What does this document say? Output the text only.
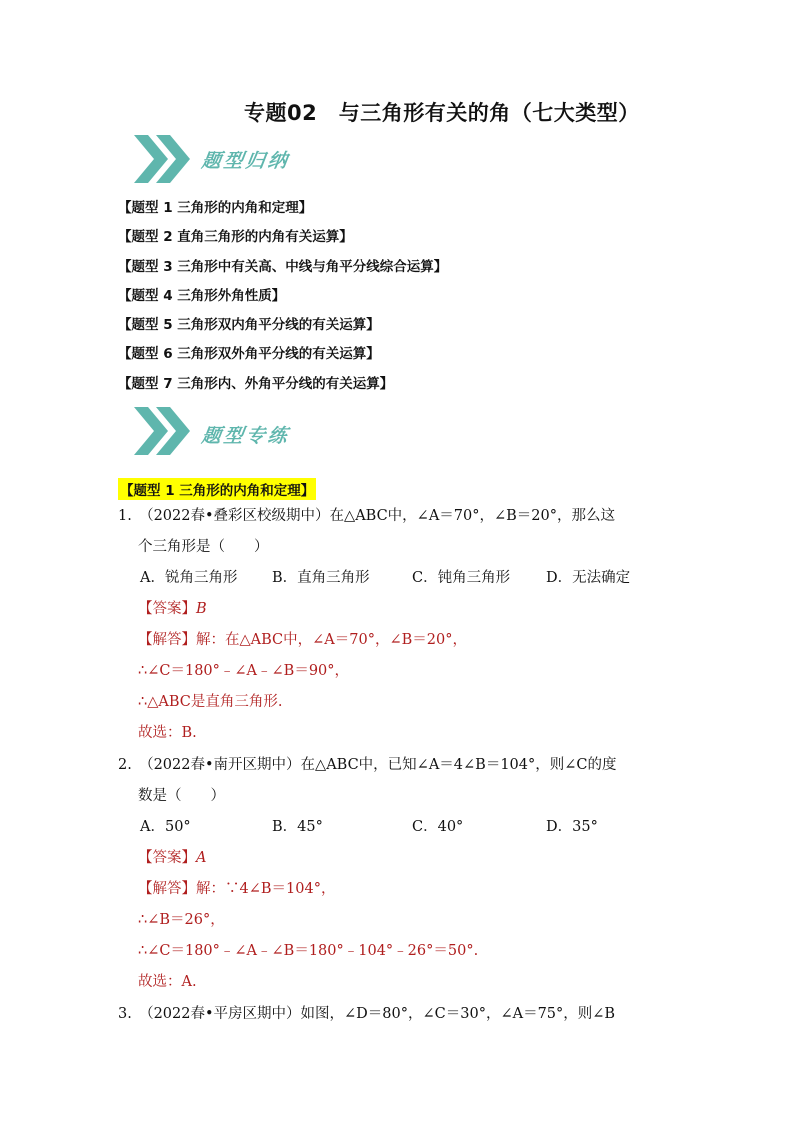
专题02　与三角形有关的角（七大类型）
题型归纳
【题型 1 三角形的内角和定理】
【题型 2 直角三角形的内角有关运算】
【题型 3 三角形中有关高、中线与角平分线综合运算】
【题型 4 三角形外角性质】
【题型 5 三角形双内角平分线的有关运算】
【题型 6 三角形双外角平分线的有关运算】
【题型 7 三角形内、外角平分线的有关运算】
题型专练
【题型 1 三角形的内角和定理】
1.　（2022春•叠彩区校级期中）在△ABC中，∠A＝70°，∠B＝20°，那么这
个三角形是（　　）
A．锐角三角形 B．直角三角形	C．钝角三角形 D．无法确定
【答案】B
【解答】解：在△ABC中，∠A＝70°，∠B＝20°，
∴∠C＝180°﹣∠A﹣∠B＝90°，
∴△ABC是直角三角形.
故选：B.
2.　（2022春•南开区期中）在△ABC中，已知∠A＝4∠B＝104°，则∠C的度
数是（　　）
A．50°	B．45°	C．40°	D．35°
【答案】A
【解答】解：∵4∠B＝104°，
∴∠B＝26°，
∴∠C＝180°﹣∠A﹣∠B＝180°﹣104°﹣26°＝50°.
故选：A.
3.　（2022春•平房区期中）如图，∠D＝80°，∠C＝30°，∠A＝75°，则∠B
